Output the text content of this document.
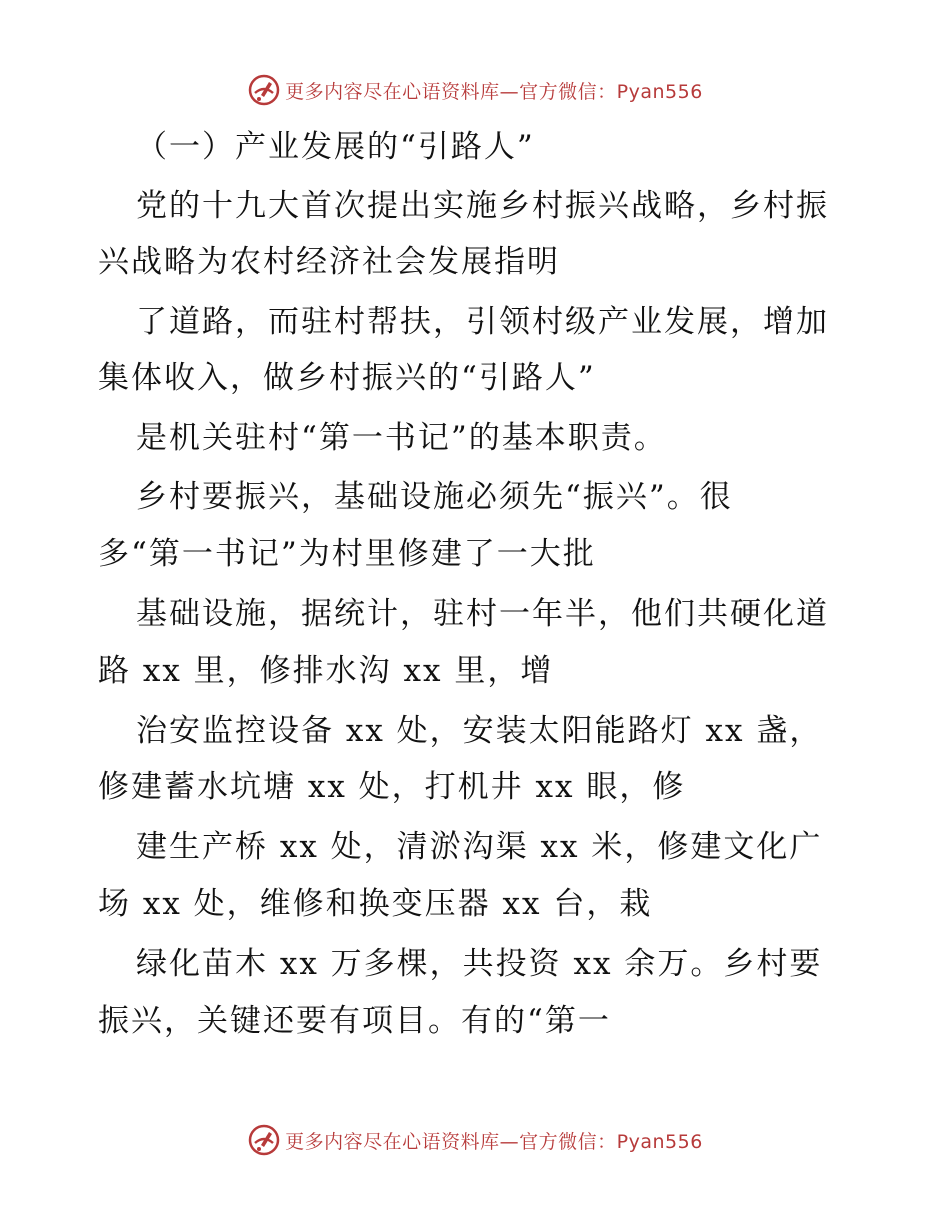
更多内容尽在心语资料库—官方微信：Pyan556
（一）产业发展的“引路人”
党的十九大首次提出实施乡村振兴战略，乡村振
兴战略为农村经济社会发展指明
了道路，而驻村帮扶，引领村级产业发展，增加
集体收入，做乡村振兴的“引路人”
是机关驻村“第一书记”的基本职责。
乡村要振兴，基础设施必须先“振兴”。很
多“第一书记”为村里修建了一大批
基础设施，据统计，驻村一年半，他们共硬化道
路 xx 里，修排水沟 xx 里，增
治安监控设备 xx 处，安装太阳能路灯 xx 盏，
修建蓄水坑塘 xx 处，打机井 xx 眼，修
建生产桥 xx 处，清淤沟渠 xx 米，修建文化广
场 xx 处，维修和换变压器 xx 台，栽
绿化苗木 xx 万多棵，共投资 xx 余万。乡村要
振兴，关键还要有项目。有的“第一
更多内容尽在心语资料库—官方微信：Pyan556
